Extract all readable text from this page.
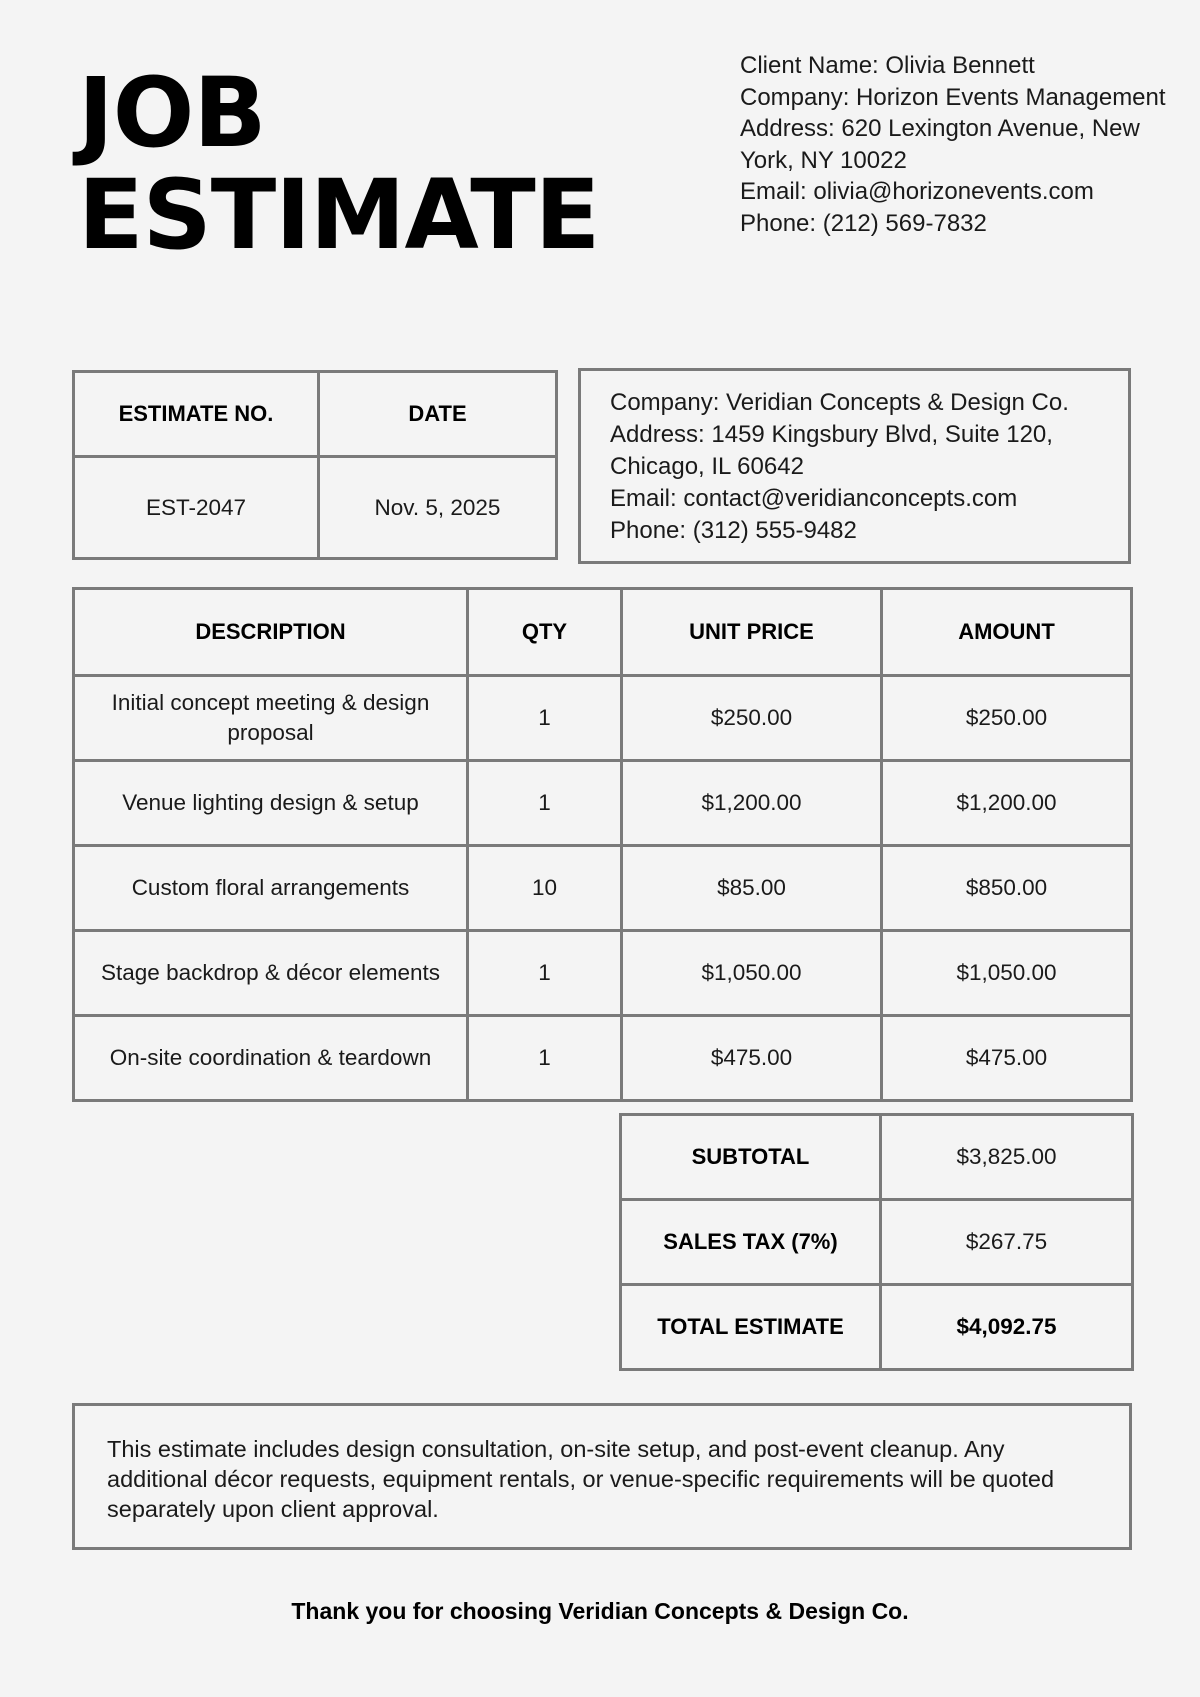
JOB
ESTIMATE
Client Name: Olivia Bennett
Company: Horizon Events Management
Address: 620 Lexington Avenue, New York, NY 10022
Email: olivia@horizonevents.com
Phone: (212) 569-7832
ESTIMATE NO.	DATE
EST-2047	Nov. 5, 2025
Company: Veridian Concepts & Design Co.
Address: 1459 Kingsbury Blvd, Suite 120, Chicago, IL 60642
Email: contact@veridianconcepts.com
Phone: (312) 555-9482
DESCRIPTION	QTY	UNIT PRICE	AMOUNT
Initial concept meeting & design proposal	1	$250.00	$250.00
Venue lighting design & setup	1	$1,200.00	$1,200.00
Custom floral arrangements	10	$85.00	$850.00
Stage backdrop & décor elements	1	$1,050.00	$1,050.00
On-site coordination & teardown	1	$475.00	$475.00
SUBTOTAL	$3,825.00
SALES TAX (7%)	$267.75
TOTAL ESTIMATE	$4,092.75
This estimate includes design consultation, on-site setup, and post-event cleanup. Any additional décor requests, equipment rentals, or venue-specific requirements will be quoted separately upon client approval.
Thank you for choosing Veridian Concepts & Design Co.
